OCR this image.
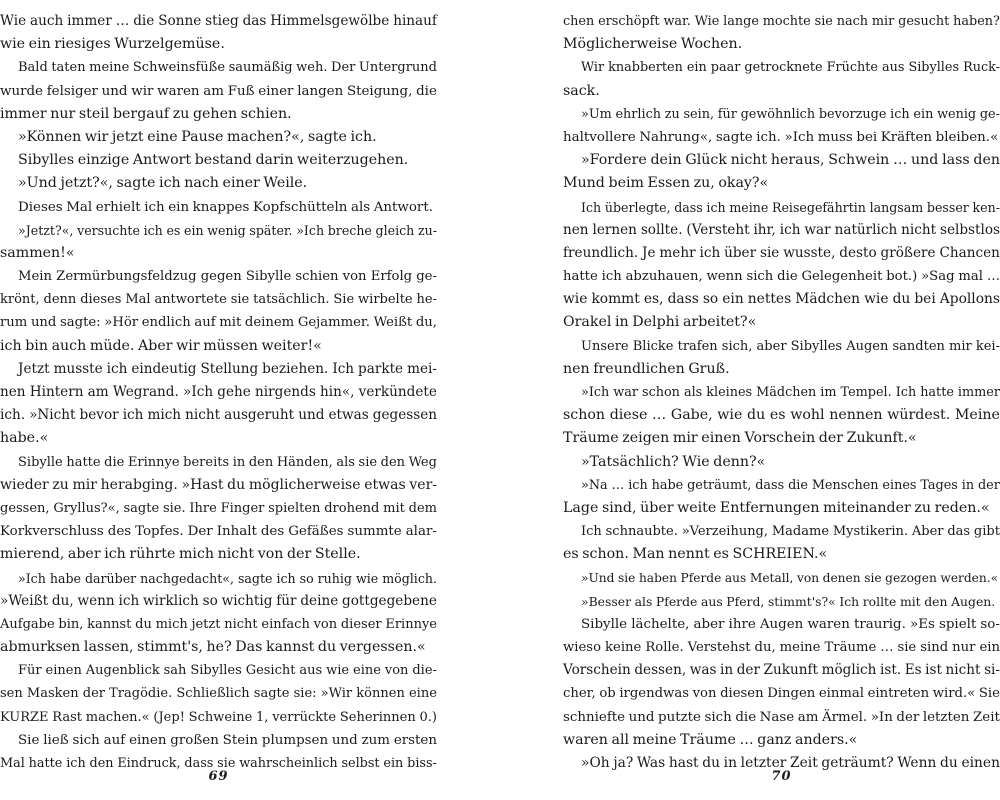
Wie auch immer … die Sonne stieg das Himmelsgewölbe hinauf
wie ein riesiges Wurzelgemüse.
Bald taten meine Schweinsfüße saumäßig weh. Der Untergrund
wurde felsiger und wir waren am Fuß einer langen Steigung, die
immer nur steil bergauf zu gehen schien.
»Können wir jetzt eine Pause machen?«, sagte ich.
Sibylles einzige Antwort bestand darin weiterzugehen.
»Und jetzt?«, sagte ich nach einer Weile.
Dieses Mal erhielt ich ein knappes Kopfschütteln als Antwort.
»Jetzt?«, versuchte ich es ein wenig später. »Ich breche gleich zu-
sammen!«
Mein Zermürbungsfeldzug gegen Sibylle schien von Erfolg ge-
krönt, denn dieses Mal antwortete sie tatsächlich. Sie wirbelte he-
rum und sagte: »Hör endlich auf mit deinem Gejammer. Weißt du,
ich bin auch müde. Aber wir müssen weiter!«
Jetzt musste ich eindeutig Stellung beziehen. Ich parkte mei-
nen Hintern am Wegrand. »Ich gehe nirgends hin«, verkündete
ich. »Nicht bevor ich mich nicht ausgeruht und etwas gegessen
habe.«
Sibylle hatte die Erinnye bereits in den Händen, als sie den Weg
wieder zu mir herabging. »Hast du möglicherweise etwas ver-
gessen, Gryllus?«, sagte sie. Ihre Finger spielten drohend mit dem
Korkverschluss des Topfes. Der Inhalt des Gefäßes summte alar-
mierend, aber ich rührte mich nicht von der Stelle.
»Ich habe darüber nachgedacht«, sagte ich so ruhig wie möglich.
»Weißt du, wenn ich wirklich so wichtig für deine gottgegebene
Aufgabe bin, kannst du mich jetzt nicht einfach von dieser Erinnye
abmurksen lassen, stimmt's, he? Das kannst du vergessen.«
Für einen Augenblick sah Sibylles Gesicht aus wie eine von die-
sen Masken der Tragödie. Schließlich sagte sie: »Wir können eine
KURZE Rast machen.« (Jep! Schweine 1, verrückte Seherinnen 0.)
Sie ließ sich auf einen großen Stein plumpsen und zum ersten
Mal hatte ich den Eindruck, dass sie wahrscheinlich selbst ein biss-
69
chen erschöpft war. Wie lange mochte sie nach mir gesucht haben?
Möglicherweise Wochen.
Wir knabberten ein paar getrocknete Früchte aus Sibylles Ruck-
sack.
»Um ehrlich zu sein, für gewöhnlich bevorzuge ich ein wenig ge-
haltvollere Nahrung«, sagte ich. »Ich muss bei Kräften bleiben.«
»Fordere dein Glück nicht heraus, Schwein … und lass den
Mund beim Essen zu, okay?«
Ich überlegte, dass ich meine Reisegefährtin langsam besser ken-
nen lernen sollte. (Versteht ihr, ich war natürlich nicht selbstlos
freundlich. Je mehr ich über sie wusste, desto größere Chancen
hatte ich abzuhauen, wenn sich die Gelegenheit bot.) »Sag mal …
wie kommt es, dass so ein nettes Mädchen wie du bei Apollons
Orakel in Delphi arbeitet?«
Unsere Blicke trafen sich, aber Sibylles Augen sandten mir kei-
nen freundlichen Gruß.
»Ich war schon als kleines Mädchen im Tempel. Ich hatte immer
schon diese … Gabe, wie du es wohl nennen würdest. Meine
Träume zeigen mir einen Vorschein der Zukunft.«
»Tatsächlich? Wie denn?«
»Na … ich habe geträumt, dass die Menschen eines Tages in der
Lage sind, über weite Entfernungen miteinander zu reden.«
Ich schnaubte. »Verzeihung, Madame Mystikerin. Aber das gibt
es schon. Man nennt es SCHREIEN.«
»Und sie haben Pferde aus Metall, von denen sie gezogen werden.«
»Besser als Pferde aus Pferd, stimmt's?« Ich rollte mit den Augen.
Sibylle lächelte, aber ihre Augen waren traurig. »Es spielt so-
wieso keine Rolle. Verstehst du, meine Träume … sie sind nur ein
Vorschein dessen, was in der Zukunft möglich ist. Es ist nicht si-
cher, ob irgendwas von diesen Dingen einmal eintreten wird.« Sie
schniefte und putzte sich die Nase am Ärmel. »In der letzten Zeit
waren all meine Träume … ganz anders.«
»Oh ja? Was hast du in letzter Zeit geträumt? Wenn du einen
70
